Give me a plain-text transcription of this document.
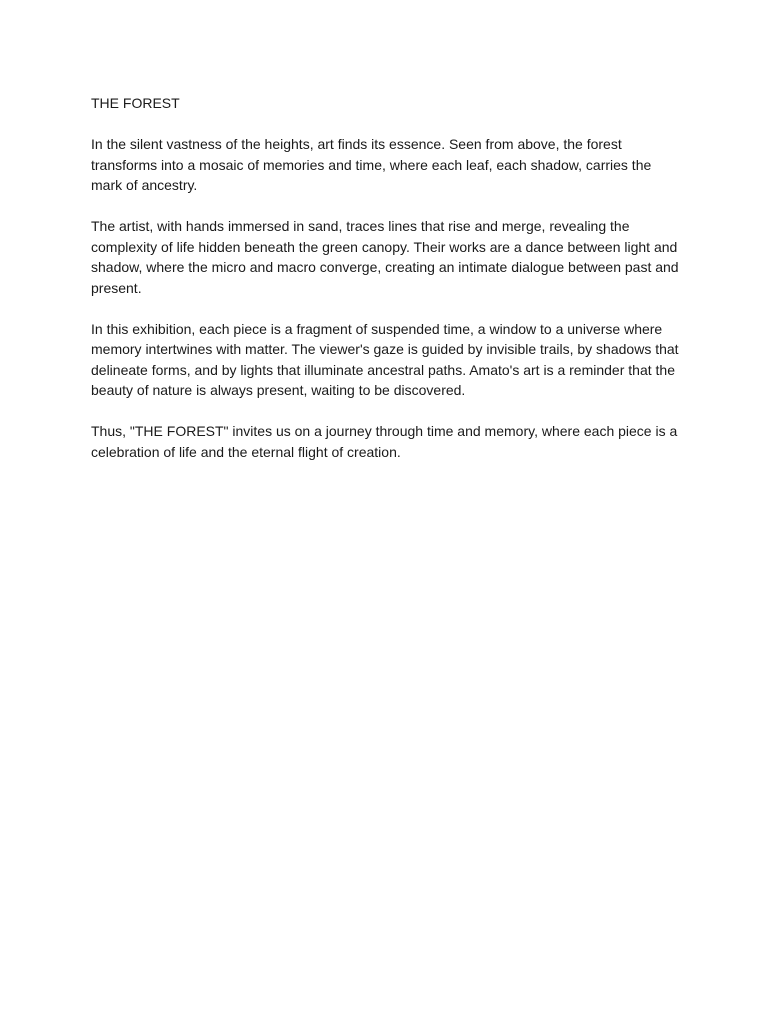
THE FOREST

In the silent vastness of the heights, art finds its essence. Seen from above, the forest transforms into a mosaic of memories and time, where each leaf, each shadow, carries the mark of ancestry.

The artist, with hands immersed in sand, traces lines that rise and merge, revealing the complexity of life hidden beneath the green canopy. Their works are a dance between light and shadow, where the micro and macro converge, creating an intimate dialogue between past and present.

In this exhibition, each piece is a fragment of suspended time, a window to a universe where memory intertwines with matter. The viewer's gaze is guided by invisible trails, by shadows that delineate forms, and by lights that illuminate ancestral paths. Amato's art is a reminder that the beauty of nature is always present, waiting to be discovered.

Thus, "THE FOREST" invites us on a journey through time and memory, where each piece is a celebration of life and the eternal flight of creation.
